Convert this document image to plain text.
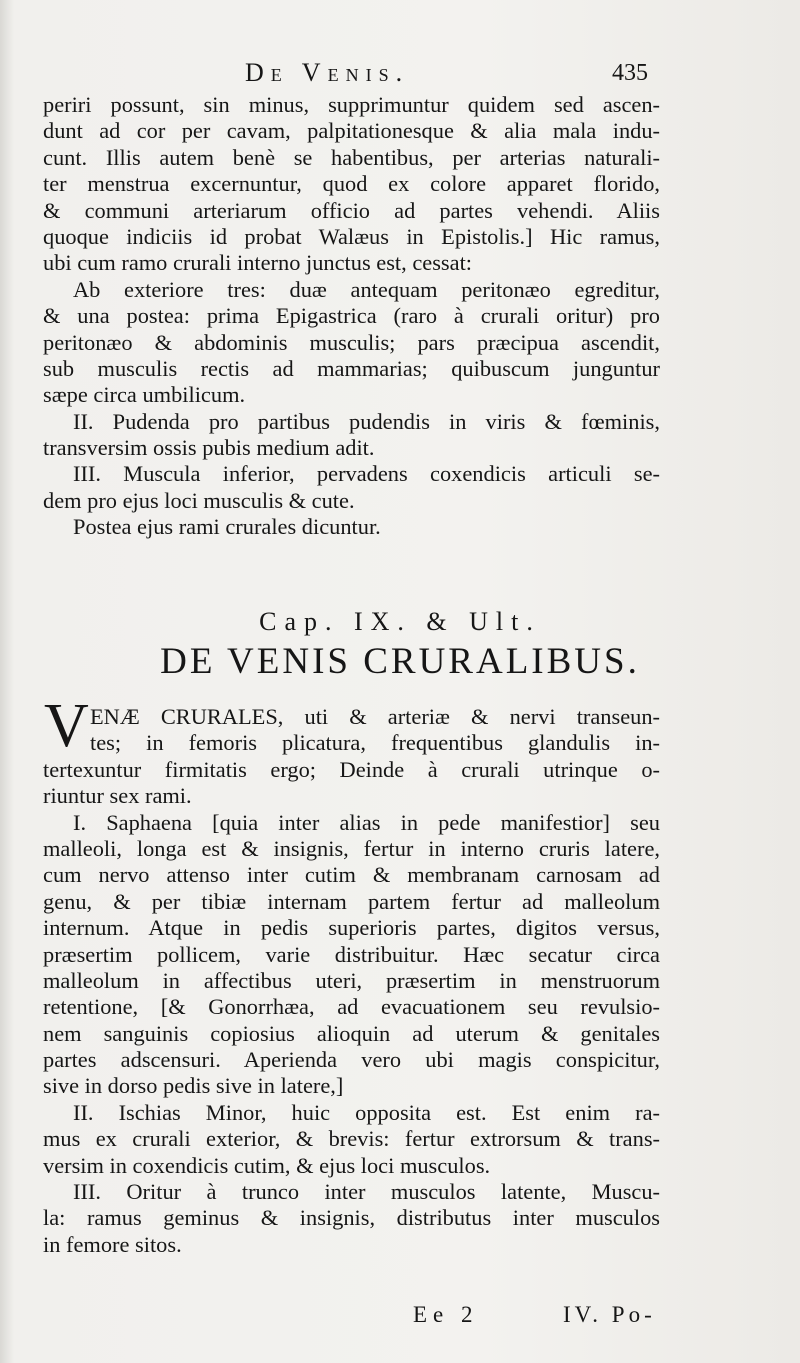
De Venis.	435
periri possunt, sin minus, supprimuntur quidem sed ascen-
dunt ad cor per cavam, palpitationesque & alia mala indu-
cunt. Illis autem benè se habentibus, per arterias naturali-
ter menstrua excernuntur, quod ex colore apparet florido,
& communi arteriarum officio ad partes vehendi. Aliis
quoque indiciis id probat Walæus in Epistolis.] Hic ramus,
ubi cum ramo crurali interno junctus est, cessat:
Ab exteriore tres: duæ antequam peritonæo egreditur,
& una postea: prima Epigastrica (raro à crurali oritur) pro
peritonæo & abdominis musculis; pars præcipua ascendit,
sub musculis rectis ad mammarias; quibuscum junguntur
sæpe circa umbilicum.
II. Pudenda pro partibus pudendis in viris & fœminis,
transversim ossis pubis medium adit.
III. Muscula inferior, pervadens coxendicis articuli se-
dem pro ejus loci musculis & cute.
Postea ejus rami crurales dicuntur.
Cap. IX. & Ult.
DE VENIS CRURALIBUS.
V ENÆ CRURALES, uti & arteriæ & nervi transeun-
tes; in femoris plicatura, frequentibus glandulis in-
tertexuntur firmitatis ergo; Deinde à crurali utrinque o-
riuntur sex rami.
I. Saphaena [quia inter alias in pede manifestior] seu
malleoli, longa est & insignis, fertur in interno cruris latere,
cum nervo attenso inter cutim & membranam carnosam ad
genu, & per tibiæ internam partem fertur ad malleolum
internum. Atque in pedis superioris partes, digitos versus,
præsertim pollicem, varie distribuitur. Hæc secatur circa
malleolum in affectibus uteri, præsertim in menstruorum
retentione, [& Gonorrhæa, ad evacuationem seu revulsio-
nem sanguinis copiosius alioquin ad uterum & genitales
partes adscensuri. Aperienda vero ubi magis conspicitur,
sive in dorso pedis sive in latere,]
II. Ischias Minor, huic opposita est. Est enim ra-
mus ex crurali exterior, & brevis: fertur extrorsum & trans-
versim in coxendicis cutim, & ejus loci musculos.
III. Oritur à trunco inter musculos latente, Muscu-
la: ramus geminus & insignis, distributus inter musculos
in femore sitos.
Ee 2	IV. Po-
